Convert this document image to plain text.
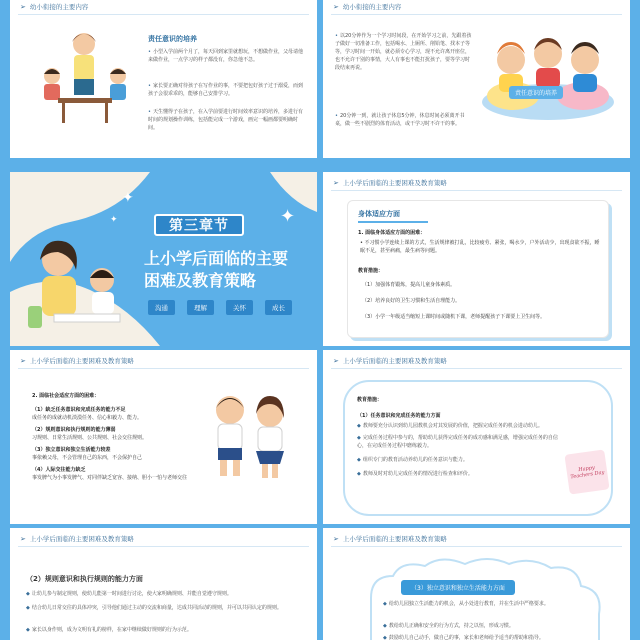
➢ 幼小衔接的主要内容
责任意识的培养
• 小型入学前两个月了，每天回到家里就想玩，不想做作业，父母请他来做作业，一点学习的样子都没有，你急他不急。
• 家长要正确对待孩子在写作业的事，不要把包好孩子过于溺爱，而到孩子会很乖乖的，能够自己安排学习。
• 天生懂得子在孩子，在入学前要进行时间效率意识的培养，多进行有时间的规划操作训练，包括能完成一个游戏，画完一幅画都要明确时间。
➢ 幼小衔接的主要内容
• 以20分钟作为一个学习时间段，在开始学习之前，先跟着孩子做好一切准备工作，包括喝水、上厕所、削铅笔、找本子等等，学习时间一开始，就必须专心学习，现不允许离开座位，也不允许干别的事情，大人有事也不能打扰孩子，要等学习时段结束再说。
• 20分钟一到，就让孩子休息5分钟，休息时间必须离开书桌，做一些不剧烈的体育活动，或干学习时不许干的事。
责任意识的培养
✦
✦
✦	第三章节
上小学后面临的主要
困难及教育策略
沟通	理解	关怀	成长
➢ 上小学后面临的主要困难及教育策略
身体适应方面
1. 面临身体适应方面的困难：
• 不习惯小学连续上课的方式，生活规律被打乱，比较疲劳、紧张，喝水少，户外活动少，出现食欲不振，睡眠不足，甚至病痛，最生病等问题。
教育措施：
（1）加强体育锻炼，提高儿童身体素质。
（2）培养良好的卫生习惯和生活自理能力。
（3）小学一年级适当缩短上课时间或随机下课，老师提醒孩子下课要上卫生间等。
➢ 上小学后面临的主要困难及教育策略
2. 面临社会适应方面的困难：
（1）缺乏任务意识和完成任务的能力不足
成任务的成就动机淡漠任务、信心和毅力、能力。
（2）规则意识和执行规则的能力薄弱
习规则、日常生活规则、公共规则、社会交往规则。
（3）独立意识和独立生活能力较差
事依赖父母，不会管理自己的东西，不会保护自己
（4）人际交往能力缺乏
事发脾气为小事发脾气、对同伴缺乏宽容、接纳、胆小一怕与老师交往
➢ 上小学后面临的主要困难及教育策略
教育措施：
（1）任务意识和完成任务的能力方面
◆ 教师要充分认识到幼儿园教机会对其发展的价值，把握完成任务的机会进动幼儿。
◆ 完成任务过程中参与的，帮助幼儿获得完成任务的成功感和满足感，增强完成任务的自信心，在完成任务过程中磨练毅力。
◆ 组织专门的教育活动养幼儿的任务意识与能力。
◆ 教师及时对幼儿完成任务的情况进行检查和评价。
Happy Teachers Day
➢ 上小学后面临的主要困难及教育策略
（2）规则意识和执行规则的能力方面
◆ 让幼儿参与制定规则，使幼儿能第一时间进行讨论，使大家明确规则、并能自觉遵守规则。
◆ 结合幼儿日常交往的具体冲突，引导他们通过主动的交流和商量，达成共同活动的规则，并可以共同认定的规则。
◆ 家长以身作则，成为文明有礼的榜样，在家中继续做好规则的行为示范。
➢ 上小学后面临的主要困难及教育策略
（3）独立意识和独立生活能力方面
◆ 给幼儿园独立生活能力的机会，从小处进行教育，并在生活中严格要求。
◆ 教给幼儿正确和安全的行为方式，持之以恒，形成习惯。
◆ 鼓励幼儿自己动手，做自己的事，家长和老师给予适当的帮助和指导。
